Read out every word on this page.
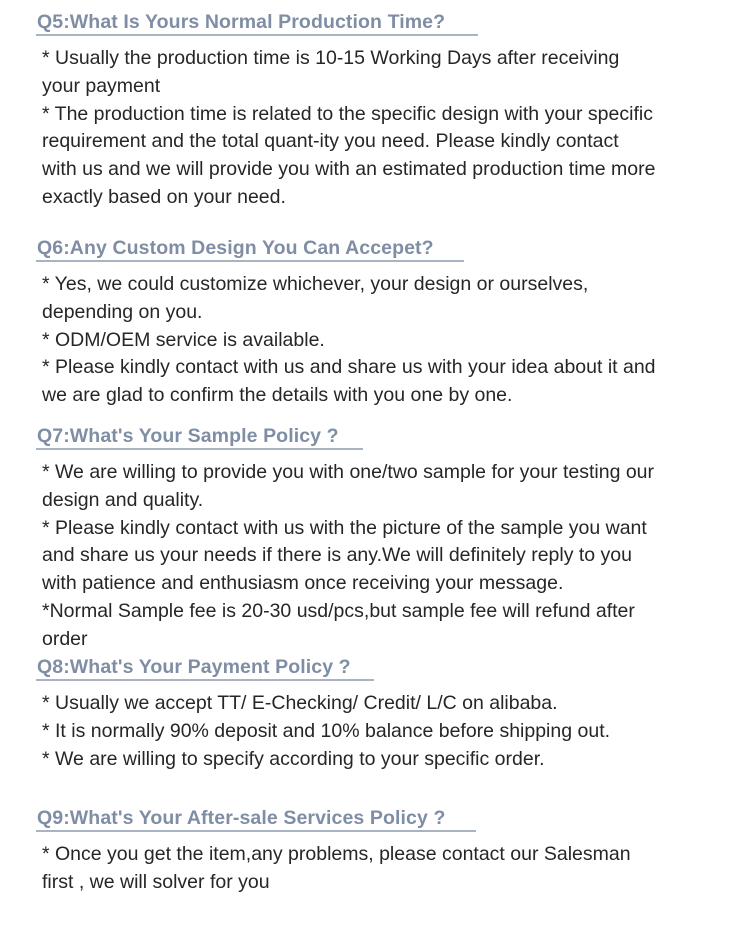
Q5:What Is Yours Normal Production Time?
* Usually the production time is 10-15 Working Days after receiving
your payment
* The production time is related to the specific design with your specific
requirement and the total quant-ity you need. Please kindly contact
with us and we will provide you with an estimated production time more
exactly based on your need.
Q6:Any Custom Design You Can Accepet?
* Yes, we could customize whichever, your design or ourselves,
depending on you.
* ODM/OEM service is available.
* Please kindly contact with us and share us with your idea about it and
we are glad to confirm the details with you one by one.
Q7:What's Your Sample Policy ?
* We are willing to provide you with one/two sample for your testing our
design and quality.
* Please kindly contact with us with the picture of the sample you want
and share us your needs if there is any.We will definitely reply to you
with patience and enthusiasm once receiving your message.
*Normal Sample fee is 20-30 usd/pcs,but sample fee will refund after
order
Q8:What's Your Payment Policy ?
* Usually we accept TT/ E-Checking/ Credit/ L/C on alibaba.
* It is normally 90% deposit and 10% balance before shipping out.
* We are willing to specify according to your specific order.
Q9:What's Your After-sale Services Policy ?
* Once you get the item,any problems, please contact our Salesman
first , we will solver for you
